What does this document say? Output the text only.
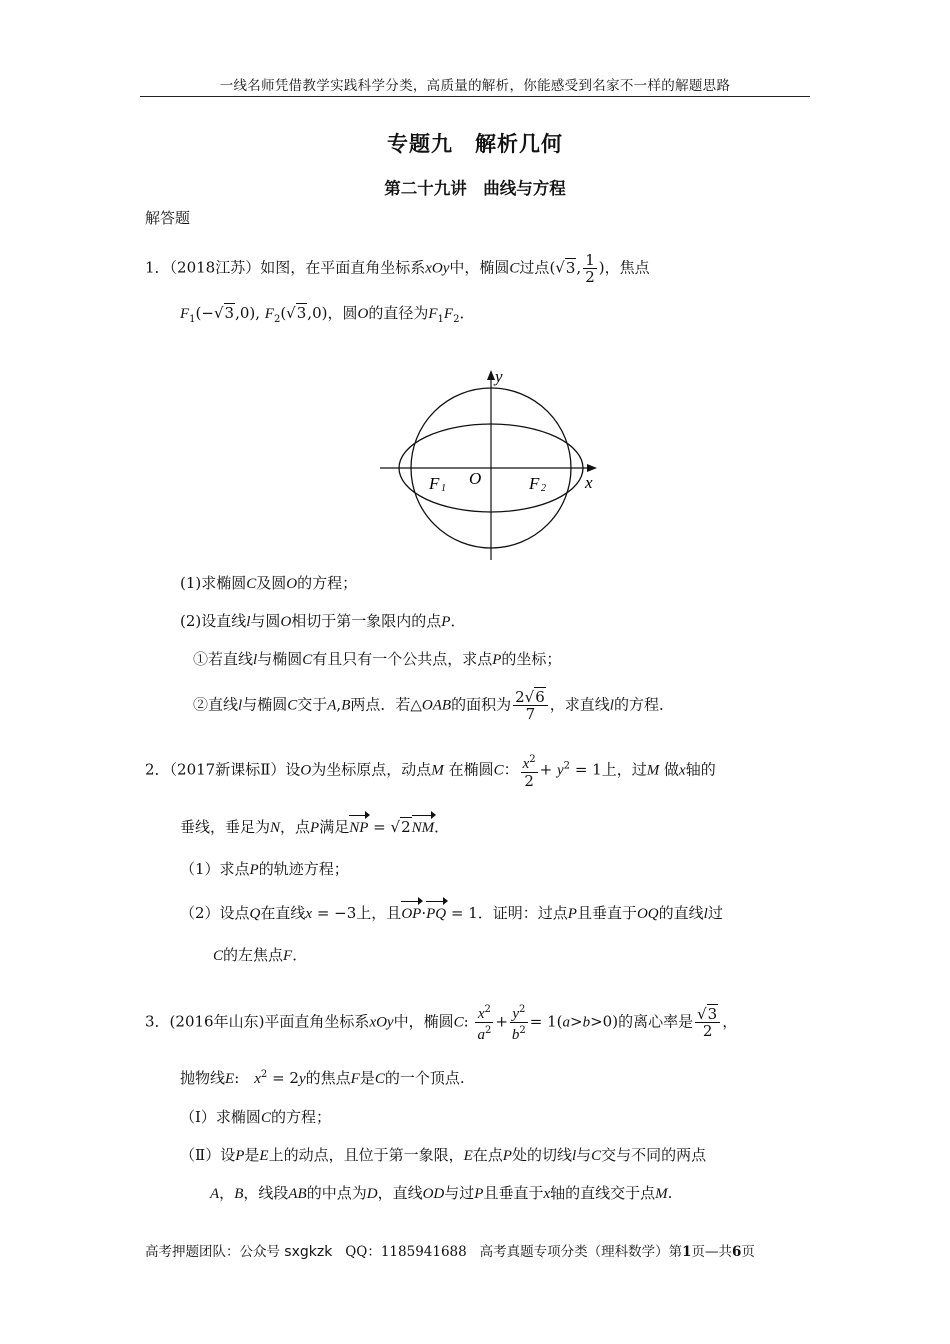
一线名师凭借教学实践科学分类，高质量的解析，你能感受到名家不一样的解题思路
专题九　解析几何
第二十九讲　曲线与方程
解答题
1．（2018江苏）如图，在平面直角坐标系xOy中，椭圆C过点(√3, $\frac{1}{2}$ )，焦点
$F_1(-√3,0)$, $F_2(√3,0)$，圆O的直径为$F_1F_2$．
y
x
O
F 1	F 2
(1)求椭圆C及圆O的方程；
(2)设直线l与圆O相切于第一象限内的点P．
①若直线l与椭圆C有且只有一个公共点，求点P的坐标；
②直线l与椭圆C交于A,B两点．若△OAB的面积为 $\frac{2√6}{7}$ ，求直线l的方程．
2．（2017新课标Ⅱ）设O为坐标原点，动点M 在椭圆C： $\frac{x^2}{2} + y^2 = 1$上，过M 做x轴的
垂线，垂足为N，点P满足NP = √2NM．
（1）求点P的轨迹方程；
（2）设点Q在直线x = −3上，且OP·PQ = 1．证明：过点P且垂直于OQ的直线l过
C的左焦点F．
3．(2016年山东)平面直角坐标系xOy中，椭圆C: $\frac{x^2}{a^2} + \frac{y^2}{b^2} = 1(a>b>0)$的离心率是 $\frac{√3}{2}$ ，
抛物线E:　$x^2 = 2y$的焦点F是C的一个顶点.
（Ⅰ）求椭圆C的方程；
（Ⅱ）设P是E上的动点，且位于第一象限，E在点P处的切线l与C交与不同的两点
A，B，线段AB的中点为D，直线OD与过P且垂直于x轴的直线交于点M.
高考押题团队：公众号 sxgkzk QQ：1185941688 高考真题专项分类（理科数学）第1页—共6页
